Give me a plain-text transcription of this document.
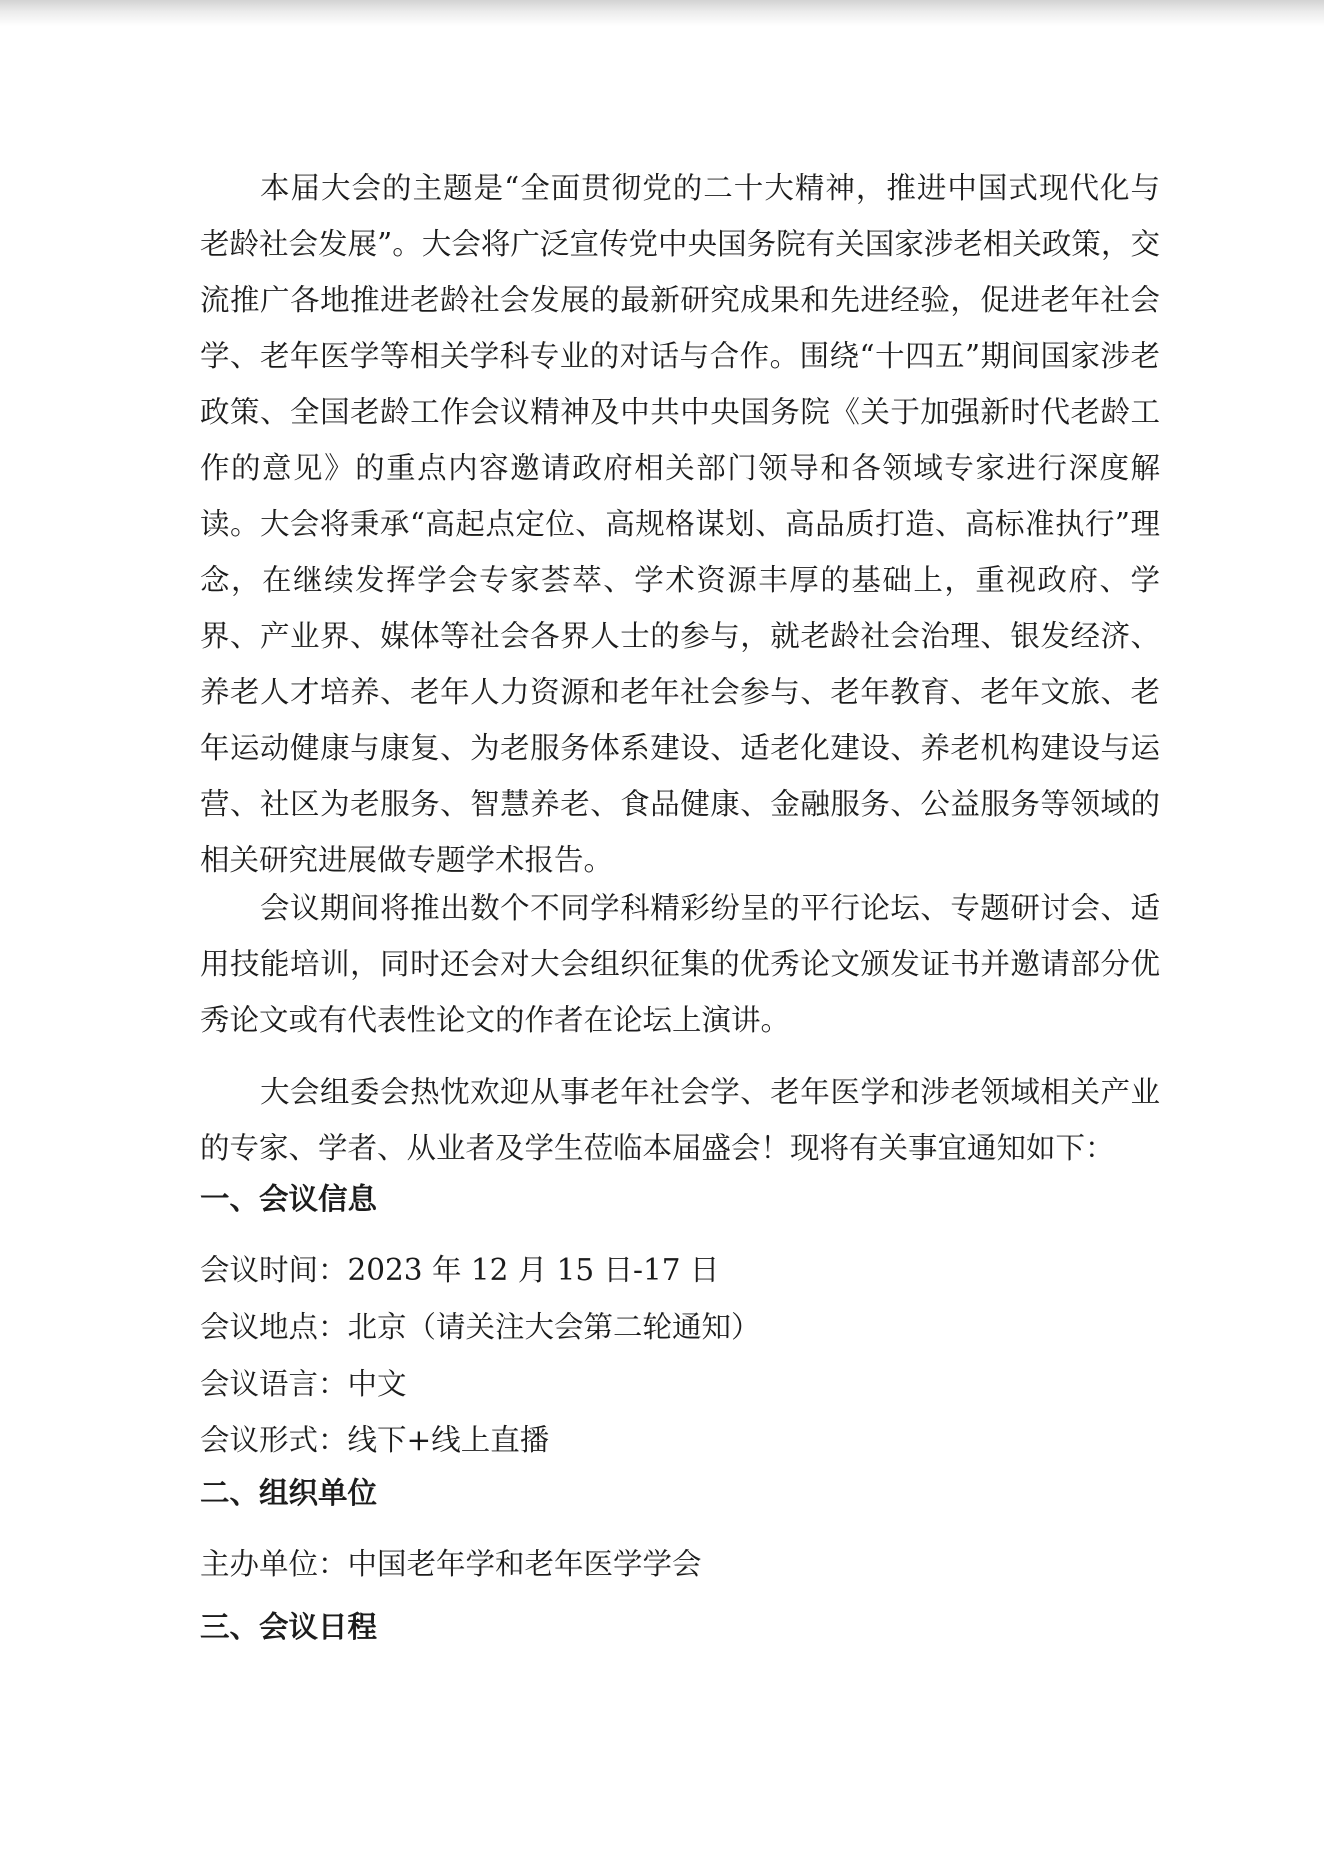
本届大会的主题是“全面贯彻党的二十大精神，推进中国式现代化与老龄社会发展”。大会将广泛宣传党中央国务院有关国家涉老相关政策，交流推广各地推进老龄社会发展的最新研究成果和先进经验，促进老年社会学、老年医学等相关学科专业的对话与合作。围绕“十四五”期间国家涉老政策、全国老龄工作会议精神及中共中央国务院《关于加强新时代老龄工作的意见》的重点内容邀请政府相关部门领导和各领域专家进行深度解读。大会将秉承“高起点定位、高规格谋划、高品质打造、高标准执行”理念，在继续发挥学会专家荟萃、学术资源丰厚的基础上，重视政府、学界、产业界、媒体等社会各界人士的参与，就老龄社会治理、银发经济、养老人才培养、老年人力资源和老年社会参与、老年教育、老年文旅、老年运动健康与康复、为老服务体系建设、适老化建设、养老机构建设与运营、社区为老服务、智慧养老、食品健康、金融服务、公益服务等领域的相关研究进展做专题学术报告。

会议期间将推出数个不同学科精彩纷呈的平行论坛、专题研讨会、适用技能培训，同时还会对大会组织征集的优秀论文颁发证书并邀请部分优秀论文或有代表性论文的作者在论坛上演讲。

大会组委会热忱欢迎从事老年社会学、老年医学和涉老领域相关产业的专家、学者、从业者及学生莅临本届盛会！现将有关事宜通知如下：

一、会议信息
会议时间：2023 年 12 月 15 日-17 日
会议地点：北京（请关注大会第二轮通知）
会议语言：中文
会议形式：线下+线上直播
二、组织单位
主办单位：中国老年学和老年医学学会
三、会议日程
